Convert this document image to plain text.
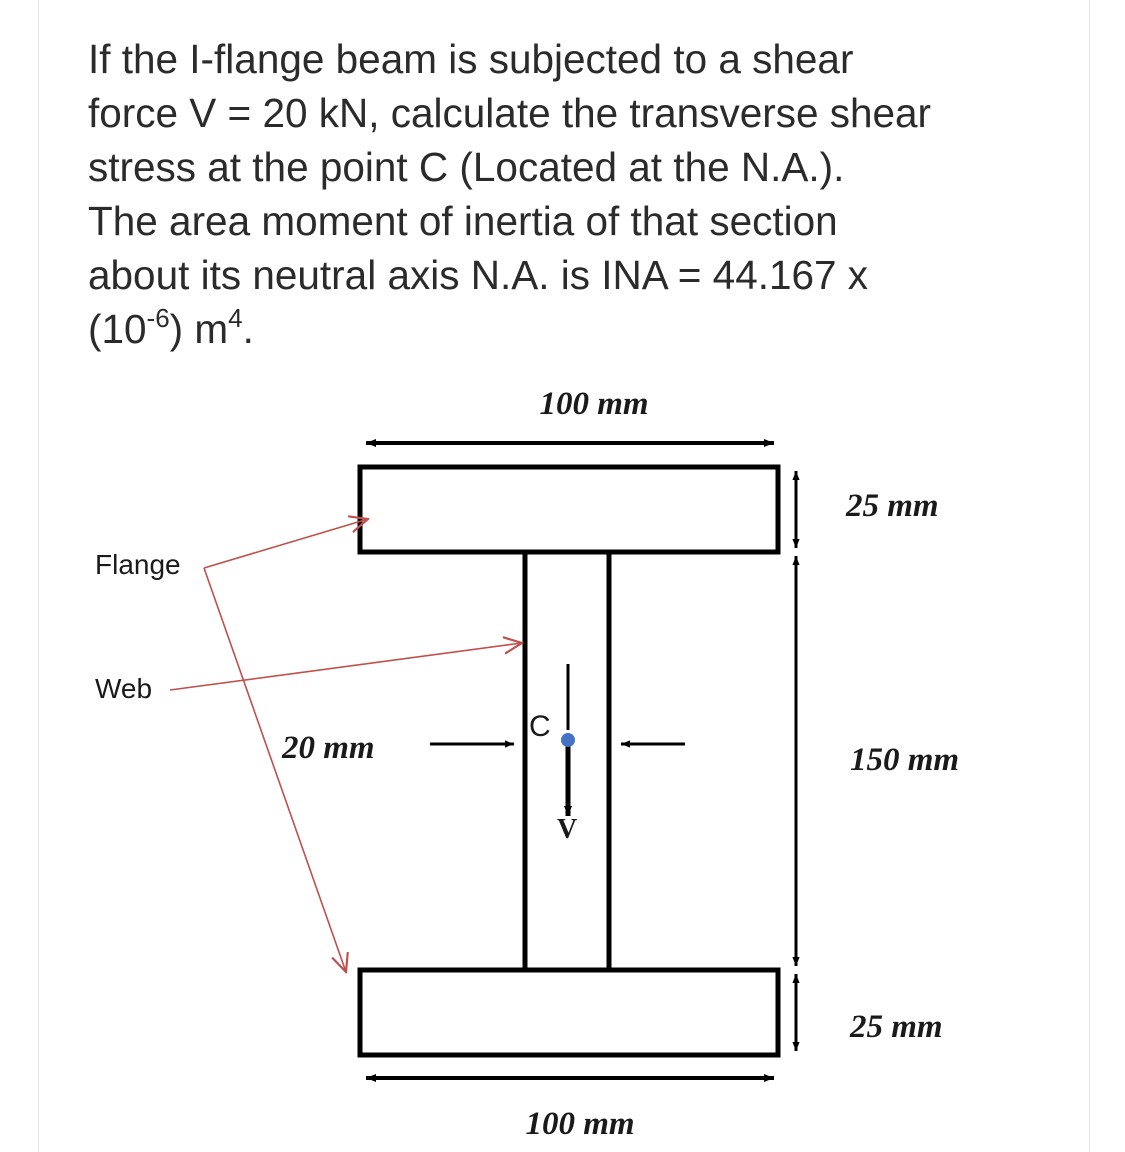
If the I-flange beam is subjected to a shear
force V = 20 kN, calculate the transverse shear
stress at the point C (Located at the N.A.).
The area moment of inertia of that section
about its neutral axis N.A. is INA = 44.167 x
$(10^{-6})$ $m^4$.
100 mm
100 mm
25 mm
150 mm
25 mm
20 mm
C
V
Flange
Web
